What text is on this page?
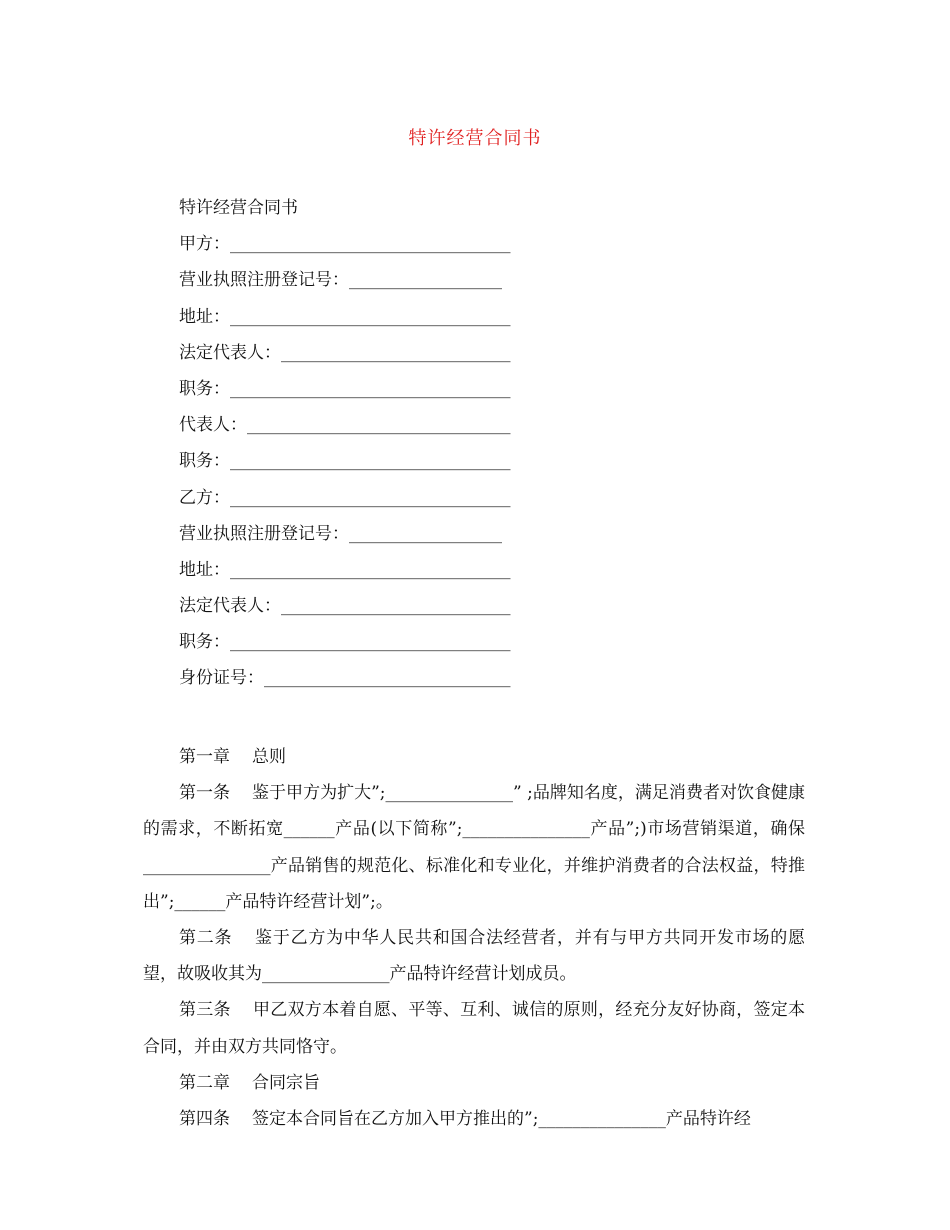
特许经营合同书
特许经营合同书
甲方：_________________________________
营业执照注册登记号：__________________
地址：_________________________________
法定代表人：___________________________
职务：_________________________________
代表人：_______________________________
职务：_________________________________
乙方：_________________________________
营业执照注册登记号：__________________
地址：_________________________________
法定代表人：___________________________
职务：_________________________________
身份证号：_____________________________
第一章 总则

第一条 鉴于甲方为扩大”;_______________” ;品牌知名度，满足消费者对饮食健康的需求，不断拓宽______产品(以下简称”;_______________产品”;)市场营销渠道，确保_______________产品销售的规范化、标准化和专业化，并维护消费者的合法权益，特推出”;______产品特许经营计划”;。

第二条 鉴于乙方为中华人民共和国合法经营者，并有与甲方共同开发市场的愿望，故吸收其为_______________产品特许经营计划成员。

第三条 甲乙双方本着自愿、平等、互利、诚信的原则，经充分友好协商，签定本合同，并由双方共同恪守。

第二章 合同宗旨

第四条 签定本合同旨在乙方加入甲方推出的”;_______________产品特许经
